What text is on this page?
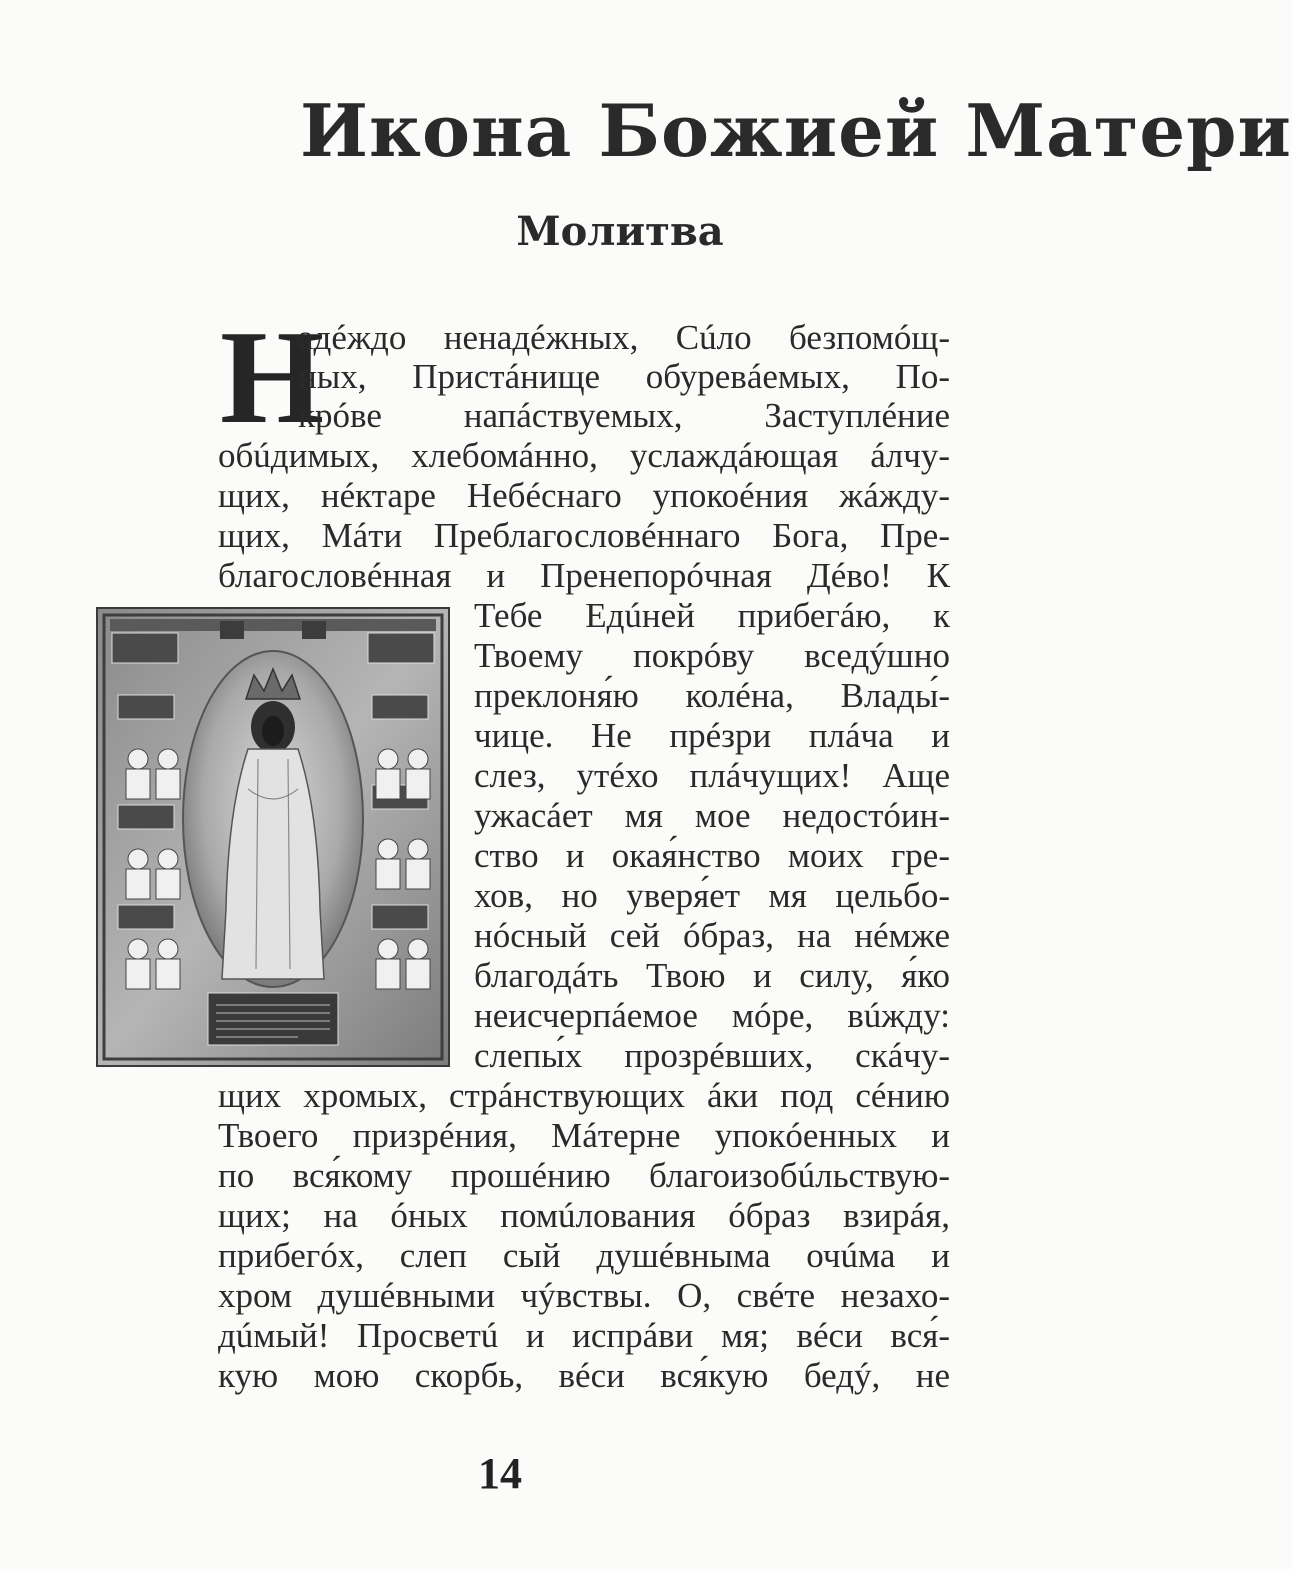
Икона Божией Матери
Молитва
Н
адéждо ненадéжных, Сúло безпомóщ-
ных, Пристáнище обуревáемых, По-
крóве напáствуемых, Заступлéние
обúдимых, хлебомáнно, услаждáющая áлчу-
щих, нéктаре Небéснаго упокоéния жáжду-
щих, Мáти Преблагословéннаго Бога, Пре-
благословéнная и Пренепорóчная Дéво! К
Тебе Едúней прибегáю, к
Твоему покрóву вседýшно
преклоня́ю колéна, Влады́-
чице. Не прéзри плáча и
слез, утéхо плáчущих! Аще
ужасáет мя мое недостóин-
ство и окая́нство моих гре-
хов, но уверя́ет мя цельбо-
нóсный сей óбраз, на нéмже
благодáть Твою и силу, я́ко
неисчерпáемое мóре, вúжду:
слепы́х прозрéвших, скáчу-
щих хромых, стрáнствующих áки под сéнию
Твоего призрéния, Мáтерне упокóенных и
по вся́кому прошéнию благоизобúльствую-
щих; на óных помúлования óбраз взирáя,
прибегóх, слеп сый душéвныма очúма и
хром душéвными чýвствы. О, свéте незахо-
дúмый! Просветú и испрáви мя; вéси вся́-
кую мою скорбь, вéси вся́кую бедý, не
14
